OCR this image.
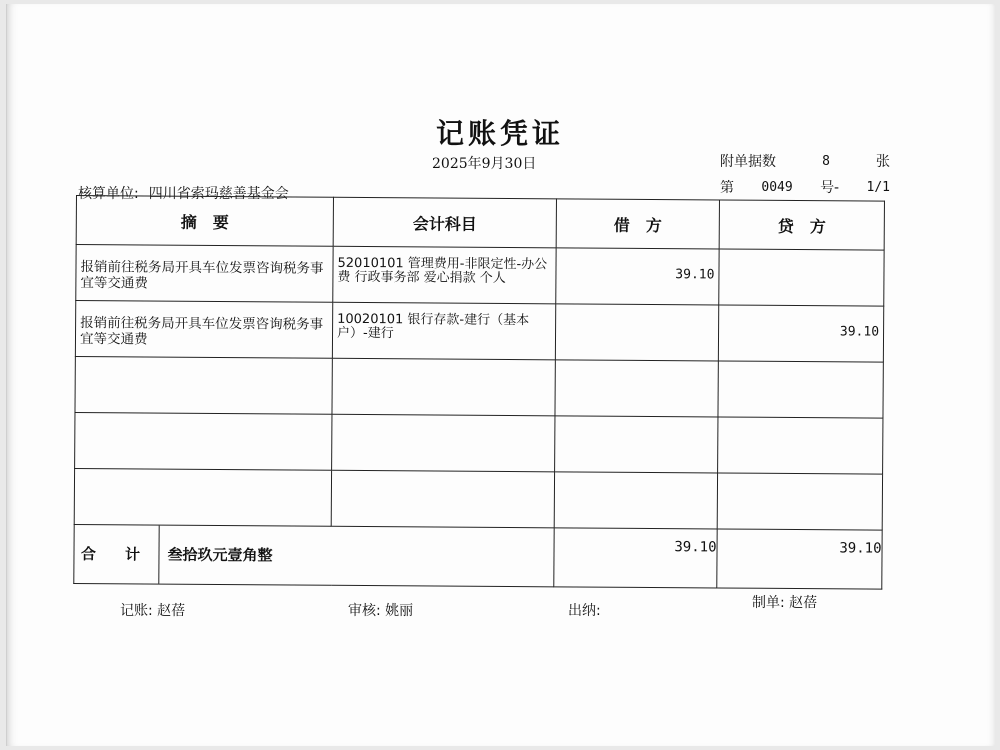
记账凭证
2025年9月30日
核算单位: 四川省索玛慈善基金会
附单据数	8	张
第 0049 号- 1/1
摘　要	会计科目	借　方	贷　方

报销前往税务局开具车位发票咨询税务事宜等交通费	52010101 管理费用-非限定性-办公费 行政事务部 爱心捐款 个人	39.10	

报销前往税务局开具车位发票咨询税务事宜等交通费	10020101 银行存款-建行（基本户）-建行		39.10

合 计 叁拾玖元壹角整		39.10	39.10
记账: 赵蓓	审核: 姚丽	出纳:	制单: 赵蓓
